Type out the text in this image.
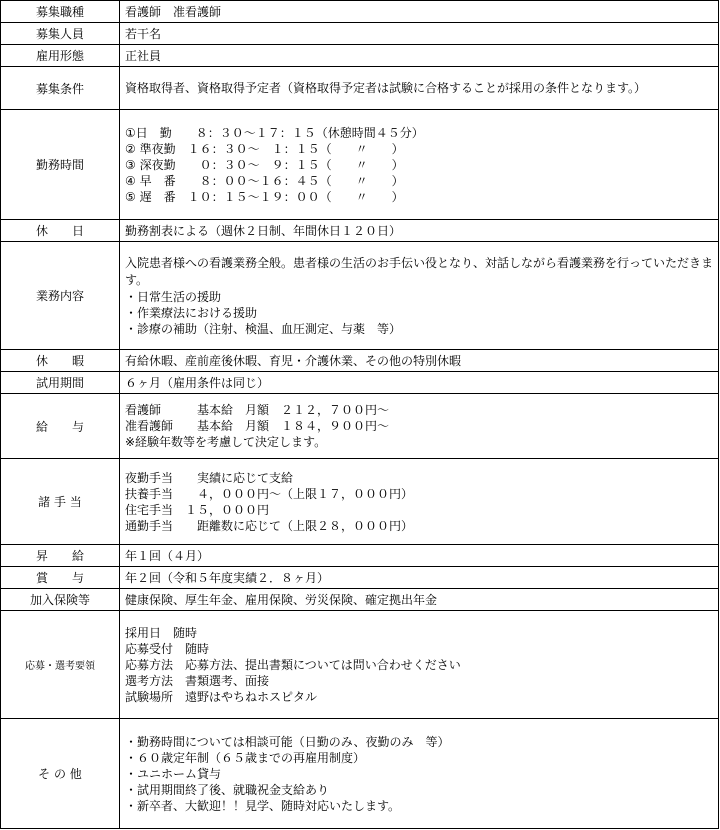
募集職種	看護師　准看護師

募集人員	若干名

雇用形態	正社員

募集条件	資格取得者、資格取得予定者（資格取得予定者は試験に合格することが採用の条件となります。）

勤務時間	①日　勤　　８：３０～１７：１５（休憩時間４５分）
② 準夜勤　１６：３０～　１：１５（　　〃　　）
③ 深夜勤　　０：３０～　９：１５（　　〃　　）
④ 早　番　　８：００～１６：４５（　　〃　　）
⑤ 遅　番　１０：１５～１９：００（　　〃　　）

休　　日	勤務割表による（週休２日制、年間休日１２０日）

業務内容	入院患者様への看護業務全般。患者様の生活のお手伝い役となり、対話しながら看護業務を行っていただきます。
・日常生活の援助
・作業療法における援助
・診療の補助（注射、検温、血圧測定、与薬　等）

休　　暇	有給休暇、産前産後休暇、育児・介護休業、その他の特別休暇

試用期間	６ヶ月（雇用条件は同じ）

給　　与	看護師　　　基本給　月額　２１２，７００円～
准看護師　　基本給　月額　１８４，９００円～
※経験年数等を考慮して決定します。

諸 手 当	夜勤手当　　実績に応じて支給
扶養手当　　４，０００円～（上限１７，０００円）
住宅手当　１５，０００円
通勤手当　　距離数に応じて（上限２８，０００円）

昇　　給	年１回（４月）

賞　　与	年２回（令和５年度実績２．８ヶ月）

加入保険等	健康保険、厚生年金、雇用保険、労災保険、確定拠出年金

応募・選考要領	採用日　随時
応募受付　随時
応募方法　応募方法、提出書類については問い合わせください
選考方法　書類選考、面接
試験場所　遠野はやちねホスピタル

そ の 他	・勤務時間については相談可能（日勤のみ、夜勤のみ　等）
・６０歳定年制（６５歳までの再雇用制度）
・ユニホーム貸与
・試用期間終了後、就職祝金支給あり
・新卒者、大歓迎！！見学、随時対応いたします。
